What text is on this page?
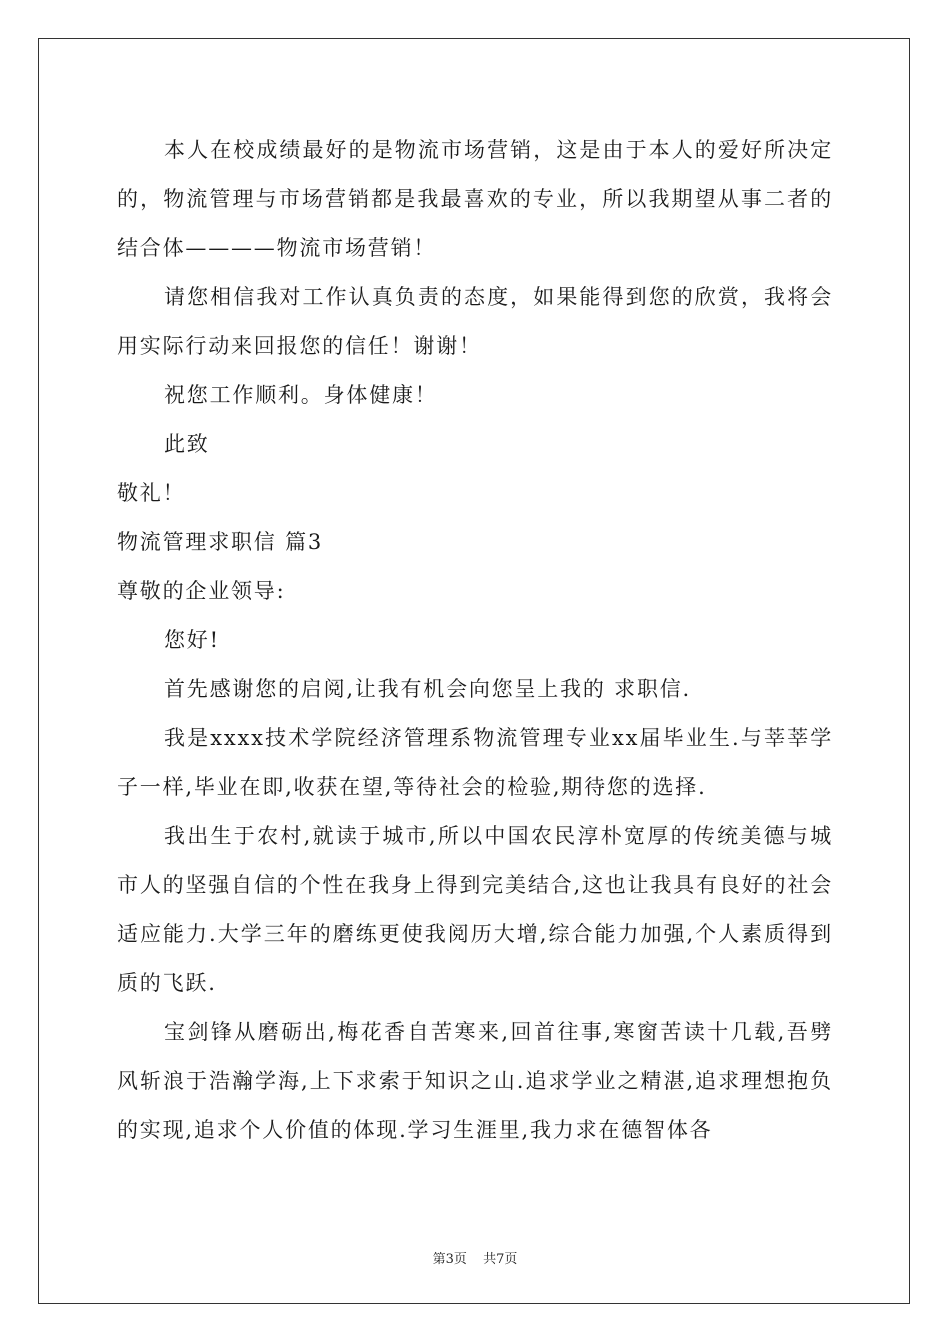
本人在校成绩最好的是物流市场营销，这是由于本人的爱好所决定的，物流管理与市场营销都是我最喜欢的专业，所以我期望从事二者的结合体————物流市场营销！

请您相信我对工作认真负责的态度，如果能得到您的欣赏，我将会用实际行动来回报您的信任！谢谢！

祝您工作顺利。身体健康！

此致

敬礼！

物流管理求职信 篇3

尊敬的企业领导:

您好!

首先感谢您的启阅,让我有机会向您呈上我的 求职信.

我是xxxx技术学院经济管理系物流管理专业xx届毕业生.与莘莘学子一样,毕业在即,收获在望,等待社会的检验,期待您的选择.

我出生于农村,就读于城市,所以中国农民淳朴宽厚的传统美德与城市人的坚强自信的个性在我身上得到完美结合,这也让我具有良好的社会适应能力.大学三年的磨练更使我阅历大增,综合能力加强,个人素质得到质的飞跃.

宝剑锋从磨砺出,梅花香自苦寒来,回首往事,寒窗苦读十几载,吾劈风斩浪于浩瀚学海,上下求索于知识之山.追求学业之精湛,追求理想抱负的实现,追求个人价值的体现.学习生涯里,我力求在德智体各

第3页 共7页
